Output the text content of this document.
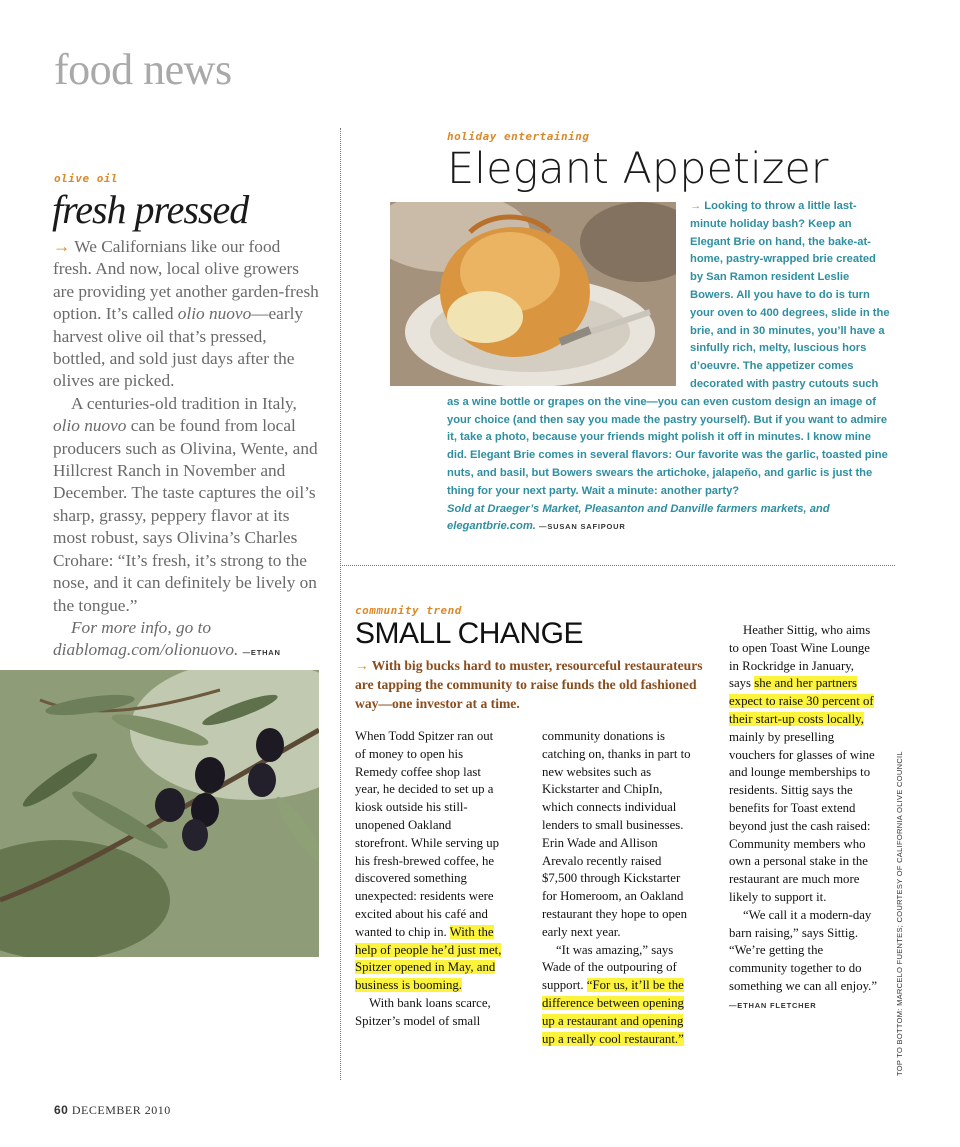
food news
olive oil
fresh pressed

→ We Californians like our food fresh. And now, local olive growers are providing yet another garden-fresh option. It’s called olio nuovo—early harvest olive oil that’s pressed, bottled, and sold just days after the olives are picked.

A centuries-old tradition in Italy, olio nuovo can be found from local producers such as Olivina, Wente, and Hillcrest Ranch in November and December. The taste captures the oil’s sharp, grassy, peppery flavor at its most robust, says Olivina’s Charles Crohare: “It’s fresh, it’s strong to the nose, and it can definitely be lively on the tongue.”

For more info, go to diablomag.com/olionuovo. —ETHAN

holiday entertaining
Elegant Appetizer

→ Looking to throw a little last-minute holiday bash? Keep an Elegant Brie on hand, the bake-at-home, pastry-wrapped brie created by San Ramon resident Leslie Bowers. All you have to do is turn your oven to 400 degrees, slide in the brie, and in 30 minutes, you’ll have a sinfully rich, melty, luscious hors d’oeuvre. The appetizer comes decorated with pastry cutouts such as a wine bottle or grapes on the vine—you can even custom design an image of your choice (and then say you made the pastry yourself). But if you want to admire it, take a photo, because your friends might polish it off in minutes. I know mine did. Elegant Brie comes in several flavors: Our favorite was the garlic, toasted pine nuts, and basil, but Bowers swears the artichoke, jalapeño, and garlic is just the thing for your next party. Wait a minute: another party?

Sold at Draeger’s Market, Pleasanton and Danville farmers markets, and elegantbrie.com. —SUSAN SAFIPOUR

community trend
SMALL CHANGE
→ With big bucks hard to muster, resourceful restaurateurs are tapping the community to raise funds the old fashioned way—one investor at a time.

When Todd Spitzer ran out of money to open his Remedy coffee shop last year, he decided to set up a kiosk outside his still-unopened Oakland storefront. While serving up his fresh-brewed coffee, he discovered something unexpected: residents were excited about his café and wanted to chip in. With the help of people he’d just met, Spitzer opened in May, and business is booming.

With bank loans scarce, Spitzer’s model of small

community donations is catching on, thanks in part to new websites such as Kickstarter and ChipIn, which connects individual lenders to small businesses. Erin Wade and Allison Arevalo recently raised $7,500 through Kickstarter for Homeroom, an Oakland restaurant they hope to open early next year.

“It was amazing,” says Wade of the outpouring of support. “For us, it’ll be the difference between opening up a restaurant and opening up a really cool restaurant.”

Heather Sittig, who aims to open Toast Wine Lounge in Rockridge in January, says she and her partners expect to raise 30 percent of their start-up costs locally, mainly by preselling vouchers for glasses of wine and lounge memberships to residents. Sittig says the benefits for Toast extend beyond just the cash raised: Community members who own a personal stake in the restaurant are much more likely to support it.

“We call it a modern-day barn raising,” says Sittig. “We’re getting the community together to do something we can all enjoy.”

—ETHAN FLETCHER

60 DECEMBER 2010
TOP TO BOTTOM: MARCELO FUENTES; COURTESY OF CALIFORNIA OLIVE COUNCIL
